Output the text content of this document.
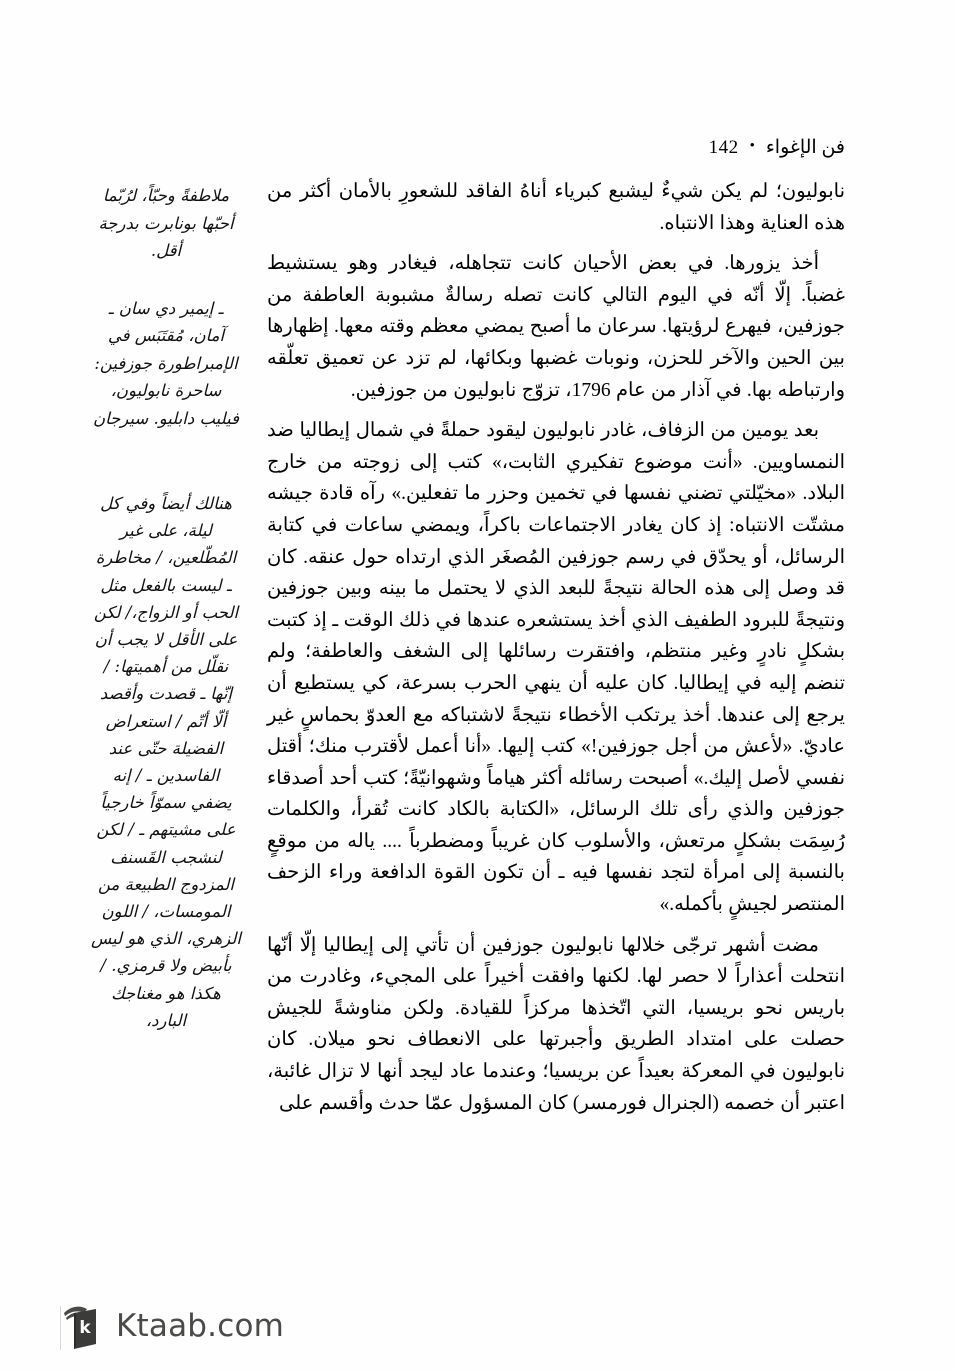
فن الإغواء
•
142

نابوليون؛ لم يكن شيءٌ ليشبع كبرياء أناهُ الفاقد للشعورِ بالأمان أكثر من هذه العناية وهذا الانتباه.

أخذ يزورها. في بعض الأحيان كانت تتجاهله، فيغادر وهو يستشيط غضباً. إلّا أنّه في اليوم التالي كانت تصله رسالةٌ مشبوبة العاطفة من جوزفين، فيهرع لرؤيتها. سرعان ما أصبح يمضي معظم وقته معها. إظهارها بين الحين والآخر للحزن، ونوبات غضبها وبكائها، لم تزد عن تعميق تعلّقه وارتباطه بها. في آذار من عام 1796، تزوّج نابوليون من جوزفين.

بعد يومين من الزفاف، غادر نابوليون ليقود حملةً في شمال إيطاليا ضد النمساويين. «أنت موضوع تفكيري الثابت،» كتب إلى زوجته من خارج البلاد. «مخيّلتي تضني نفسها في تخمين وحزر ما تفعلين.» رآه قادة جيشه مشتّت الانتباه: إذ كان يغادر الاجتماعات باكراً، ويمضي ساعات في كتابة الرسائل، أو يحدّق في رسم جوزفين المُصغَر الذي ارتداه حول عنقه. كان قد وصل إلى هذه الحالة نتيجةً للبعد الذي لا يحتمل ما بينه وبين جوزفين ونتيجةً للبرود الطفيف الذي أخذ يستشعره عندها في ذلك الوقت ـ إذ كتبت بشكلٍ نادرٍ وغير منتظم، وافتقرت رسائلها إلى الشغف والعاطفة؛ ولم تنضم إليه في إيطاليا. كان عليه أن ينهي الحرب بسرعة، كي يستطيع أن يرجع إلى عندها. أخذ يرتكب الأخطاء نتيجةً لاشتباكه مع العدوّ بحماسٍ غير عاديّ. «لأعش من أجل جوزفين!» كتب إليها. «أنا أعمل لأقترب منك؛ أقتل نفسي لأصل إليك.» أصبحت رسائله أكثر هياماً وشهوانيّةً؛ كتب أحد أصدقاء جوزفين والذي رأى تلك الرسائل، «الكتابة بالكاد كانت تُقرأ، والكلمات رُسِمَت بشكلٍ مرتعش، والأسلوب كان غريباً ومضطرباً .... ياله من موقعٍ بالنسبة إلى امرأة لتجد نفسها فيه ـ أن تكون القوة الدافعة وراء الزحف المنتصر لجيشٍ بأكمله.»

مضت أشهر ترجّى خلالها نابوليون جوزفين أن تأتي إلى إيطاليا إلّا أنّها انتحلت أعذاراً لا حصر لها. لكنها وافقت أخيراً على المجيء، وغادرت من باريس نحو بريسيا، التي اتّخذها مركزاً للقيادة. ولكن مناوشةً للجيش حصلت على امتداد الطريق وأجبرتها على الانعطاف نحو ميلان. كان نابوليون في المعركة بعيداً عن بريسيا؛ وعندما عاد ليجد أنها لا تزال غائبة، اعتبر أن خصمه (الجنرال فورمسر) كان المسؤول عمّا حدث وأقسم على

ملاطفةً وحبّاً، لرُبّما أحبّها بونابرت بدرجة أقل.

ـ إيمير دي سان ـ آمان، مُقتَبَس في الإمبراطورة جوزفين: ساحرة نابوليون، فيليب دابليو. سيرجان

هنالك أيضاً وفي كل ليلة، على غير المُطّلعين، / مخاطرة ـ ليست بالفعل مثل الحب أو الزواج،/ لكن على الأقل لا يجب أن نقلّل من أهميتها: / إنّها ـ قصدت وأقصد ألّا أتّم / استعراض الفضيلة حتّى عند الفاسدين ـ / إنه يضفي سموّاً خارجياً على مشيتهم ـ / لكن لنشجب القَسنف المزدوج الطبيعة من المومسات، / اللون الزهري، الذي هو ليس بأبيض ولا قرمزي. / هكذا هو مغناجك البارد،

k Ktaab.com
